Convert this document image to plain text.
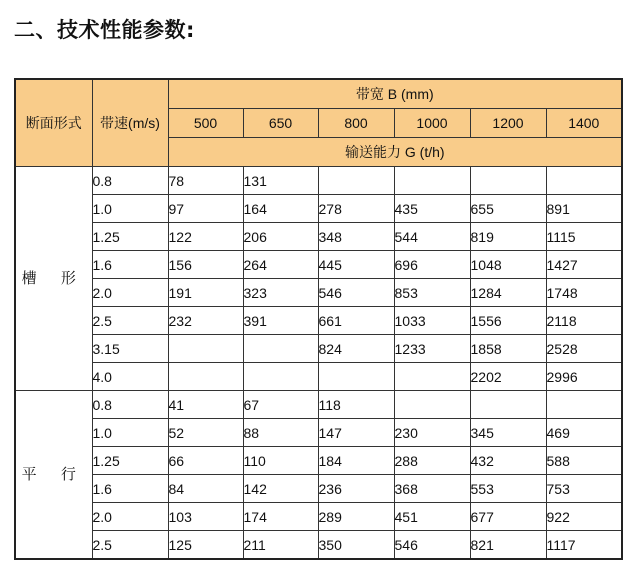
二、技术性能参数:
断面形式	带速(m/s)	带宽 B (mm)					
		500	650	800	1000	1200	1400
		输送能力 G (t/h)					
槽 形	0.8	78	131				
	1.0	97	164	278	435	655	891
	1.25	122	206	348	544	819	1115
	1.6	156	264	445	696	1048	1427
	2.0	191	323	546	853	1284	1748
	2.5	232	391	661	1033	1556	2118
	3.15			824	1233	1858	2528
	4.0					2202	2996
平 行	0.8	41	67	118			
	1.0	52	88	147	230	345	469
	1.25	66	110	184	288	432	588
	1.6	84	142	236	368	553	753
	2.0	103	174	289	451	677	922
	2.5	125	211	350	546	821	1117
